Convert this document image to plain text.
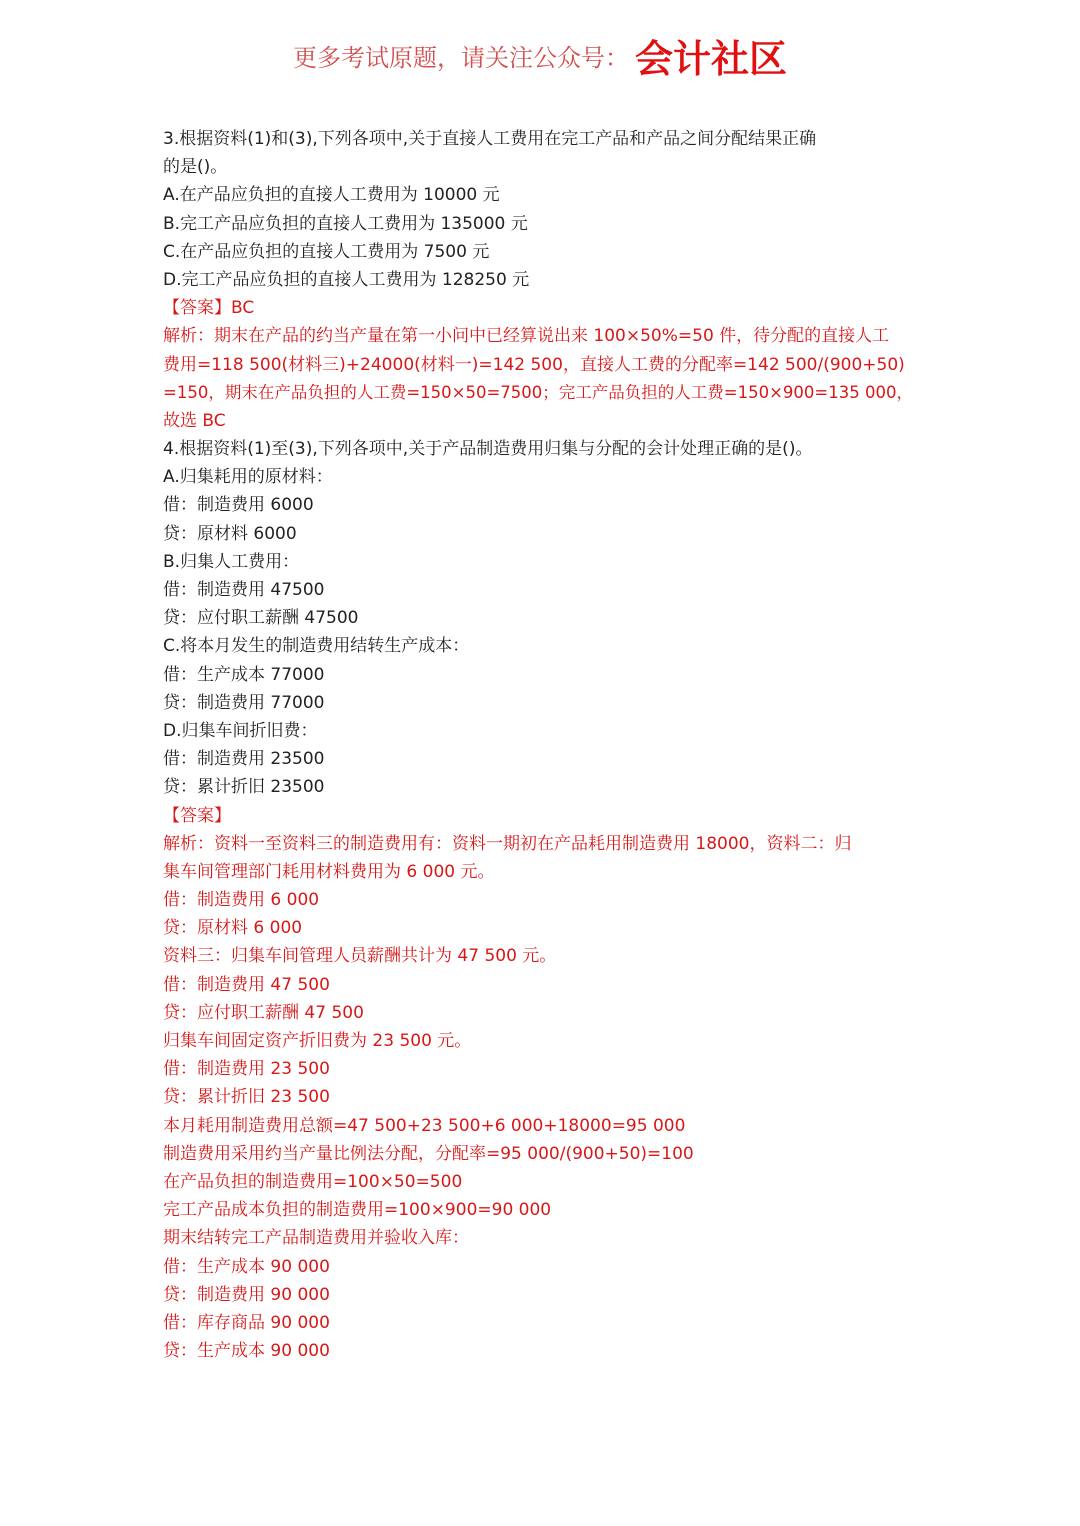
更多考试原题，请关注公众号： 会计社区
3.根据资料(1)和(3),下列各项中,关于直接人工费用在完工产品和产品之间分配结果正确
的是()。
A.在产品应负担的直接人工费用为 10000 元
B.完工产品应负担的直接人工费用为 135000 元
C.在产品应负担的直接人工费用为 7500 元
D.完工产品应负担的直接人工费用为 128250 元
【答案】BC
解析：期末在产品的约当产量在第一小问中已经算说出来 100×50%=50 件，待分配的直接人工
费用=118 500(材料三)+24000(材料一)=142 500，直接人工费的分配率=142 500/(900+50)
=150，期末在产品负担的人工费=150×50=7500；完工产品负担的人工费=150×900=135 000，
故选 BC
4.根据资料(1)至(3),下列各项中,关于产品制造费用归集与分配的会计处理正确的是()。
A.归集耗用的原材料：
借：制造费用 6000
贷：原材料 6000
B.归集人工费用：
借：制造费用 47500
贷：应付职工薪酬 47500
C.将本月发生的制造费用结转生产成本：
借：生产成本 77000
贷：制造费用 77000
D.归集车间折旧费：
借：制造费用 23500
贷：累计折旧 23500
【答案】
解析：资料一至资料三的制造费用有：资料一期初在产品耗用制造费用 18000，资料二：归
集车间管理部门耗用材料费用为 6 000 元。
借：制造费用 6 000
贷：原材料 6 000
资料三：归集车间管理人员薪酬共计为 47 500 元。
借：制造费用 47 500
贷：应付职工薪酬 47 500
归集车间固定资产折旧费为 23 500 元。
借：制造费用 23 500
贷：累计折旧 23 500
本月耗用制造费用总额=47 500+23 500+6 000+18000=95 000
制造费用采用约当产量比例法分配，分配率=95 000/(900+50)=100
在产品负担的制造费用=100×50=500
完工产品成本负担的制造费用=100×900=90 000
期末结转完工产品制造费用并验收入库：
借：生产成本 90 000
贷：制造费用 90 000
借：库存商品 90 000
贷：生产成本 90 000
